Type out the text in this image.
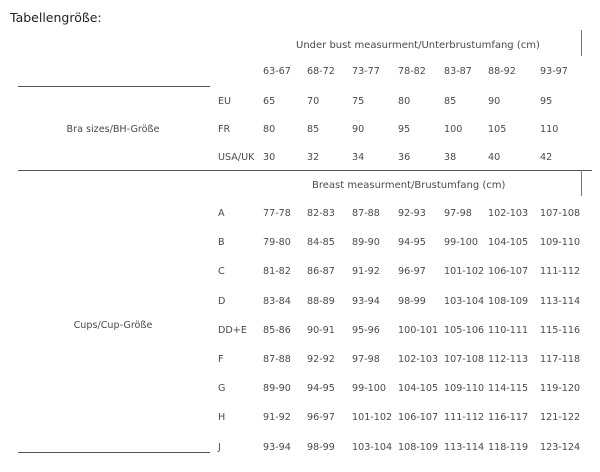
Tabellengröße:
Under bust measurment/Unterbrustumfang (cm)
63-67 68-72 73-77 78-82 83-87 88-92	93-97
Bra sizes/BH-Größe
EU	65	70	75	80	85	90	95
FR	80	85	90	95	100	105	110
USA/UK 30	32	34	36	38	40	42
Breast measurment/Brustumfang (cm)
Cups/Cup-Größe
A	77-78 82-83 87-88 92-93 97-98 102-103 107-108
B	79-80 84-85 89-90 94-95 99-100 104-105 109-110
C	81-82 86-87 91-92 96-97 101-102 106-107 111-112
D	83-84 88-89 93-94 98-99 103-104 108-109 113-114
DD+E 85-86 90-91 95-96 100-101 105-106 110-111 115-116
F	87-88 92-92 97-98 102-103 107-108 112-113 117-118
G	89-90 94-95 99-100 104-105 109-110 114-115 119-120
H	91-92 96-97 101-102 106-107 111-112 116-117 121-122
J	93-94 98-99 103-104 108-109 113-114 118-119 123-124
